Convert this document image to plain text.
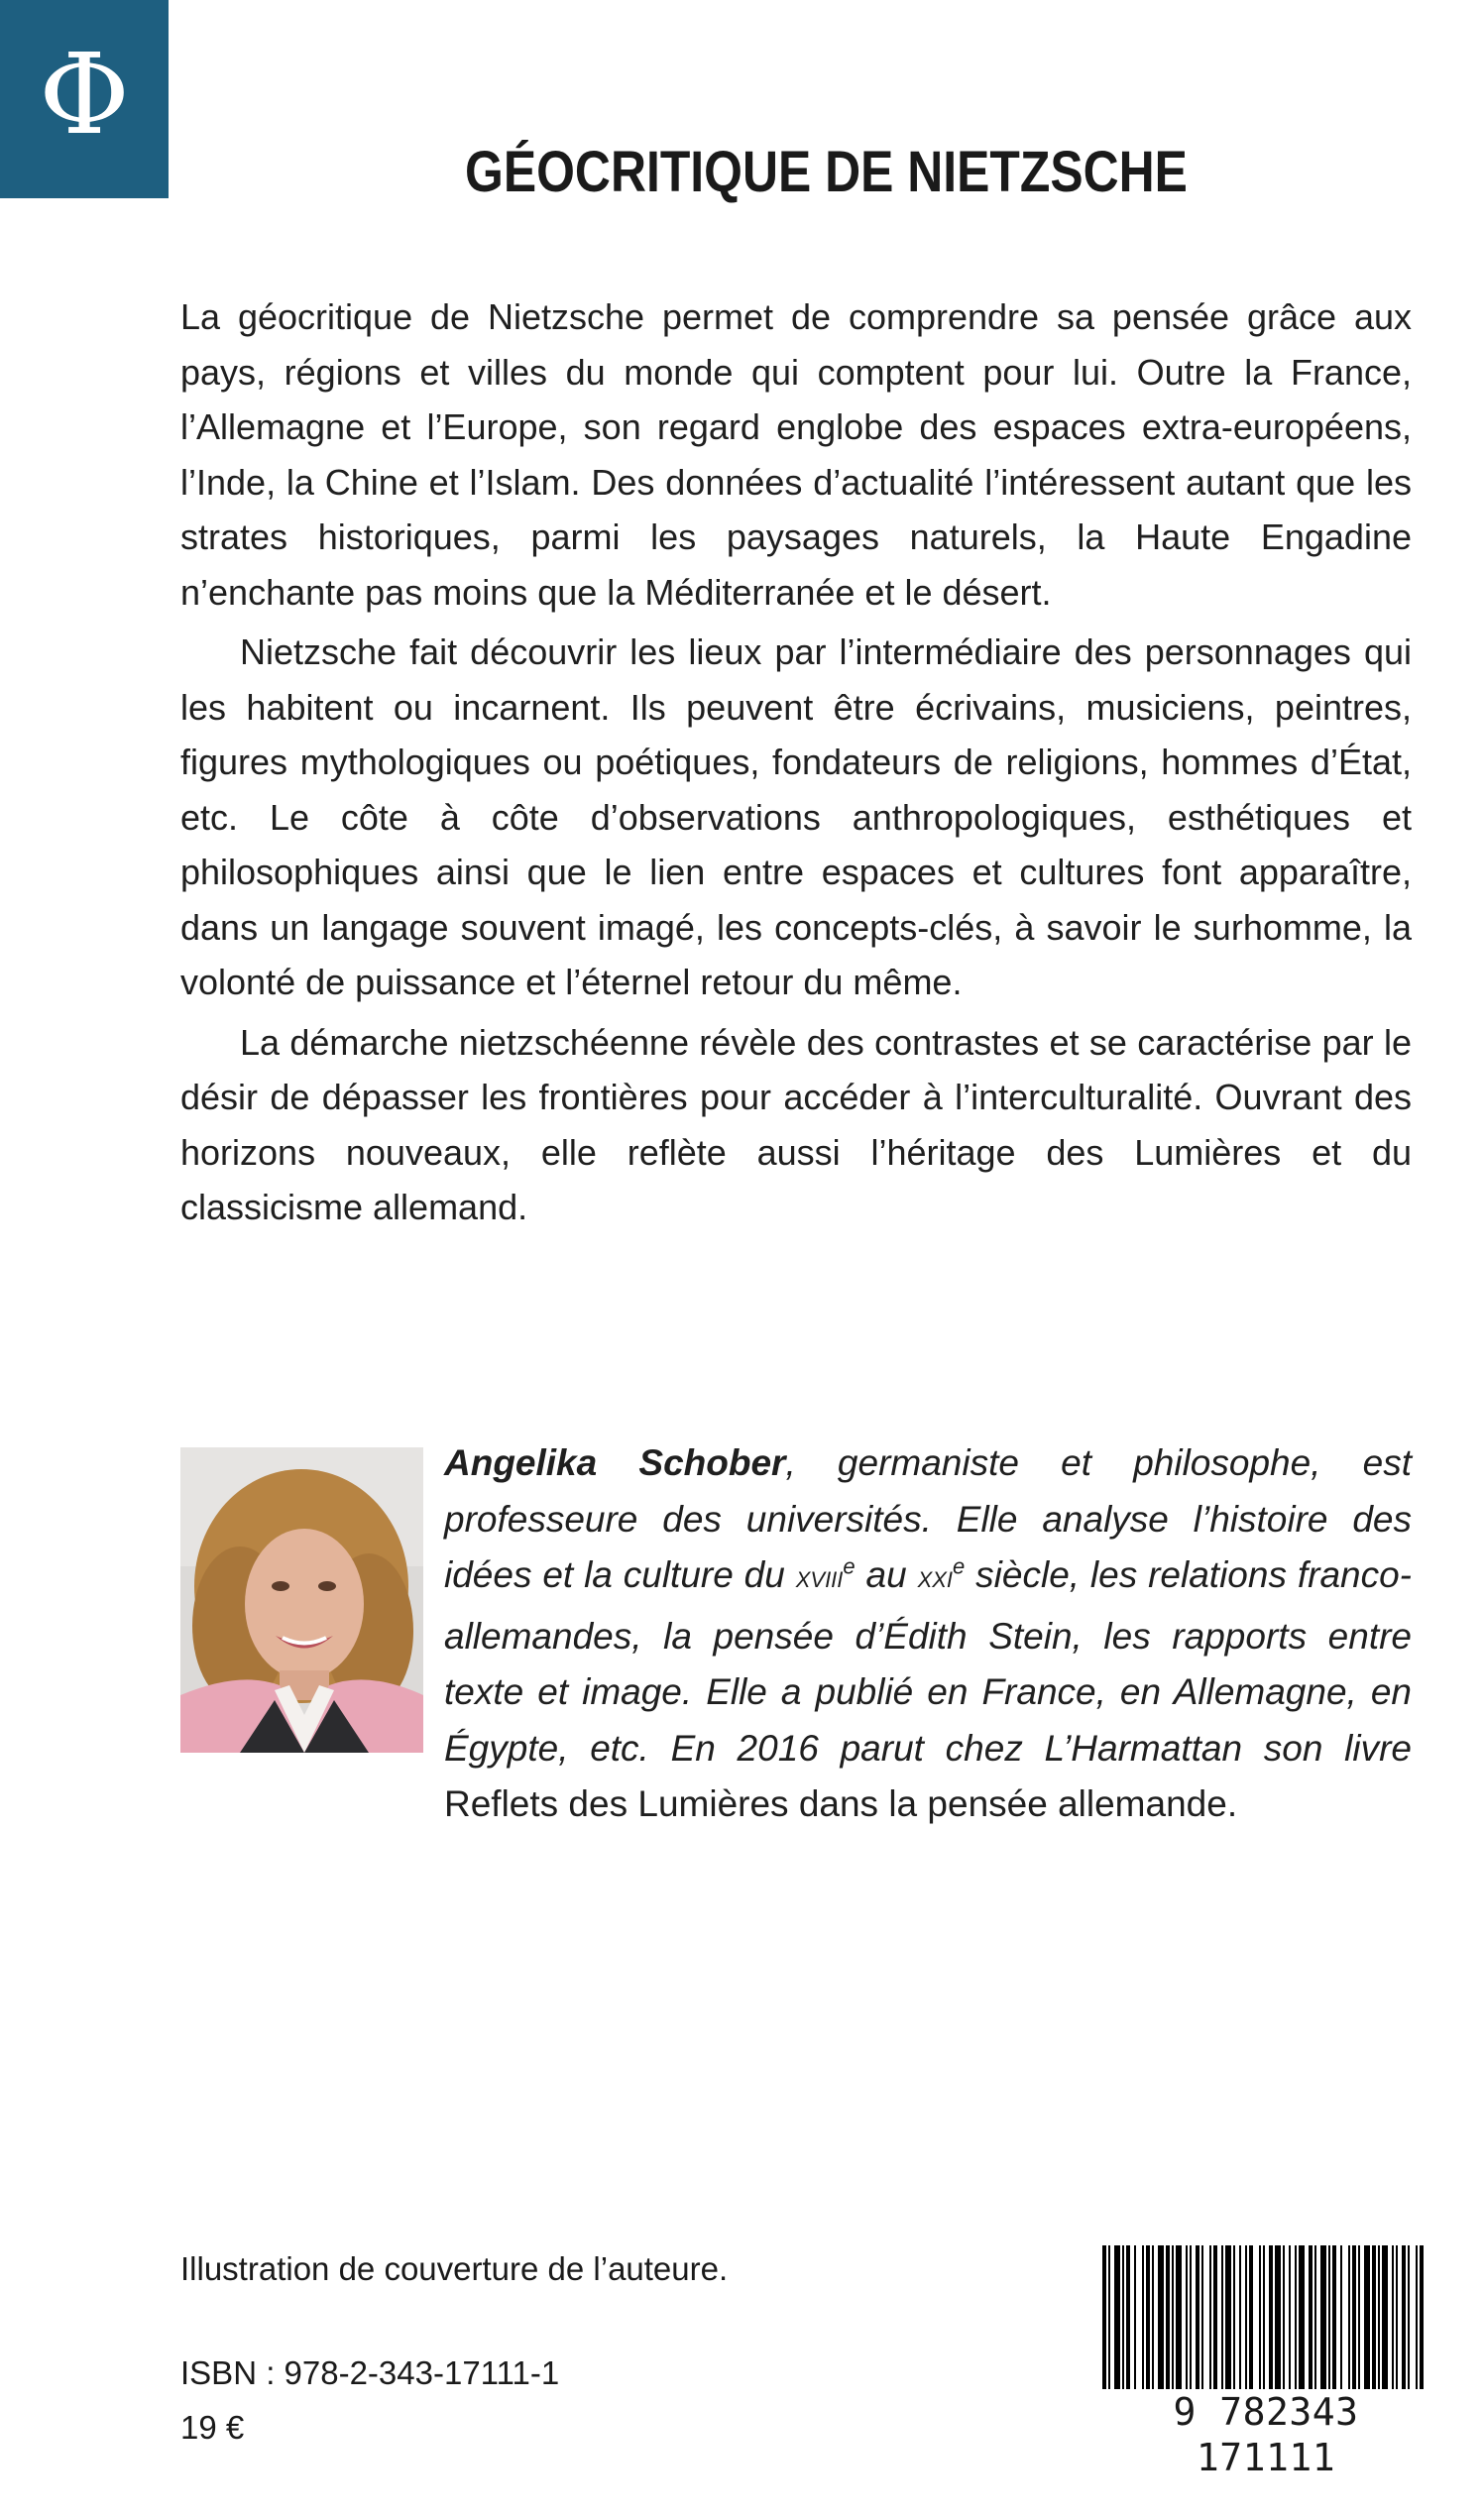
Φ
GÉOCRITIQUE DE NIETZSCHE

La géocritique de Nietzsche permet de comprendre sa pensée grâce aux pays, régions et villes du monde qui comptent pour lui. Outre la France, l’Allemagne et l’Europe, son regard englobe des espaces extra-européens, l’Inde, la Chine et l’Islam. Des données d’actualité l’intéressent autant que les strates historiques, parmi les paysages naturels, la Haute Engadine n’enchante pas moins que la Méditerranée et le désert.

Nietzsche fait découvrir les lieux par l’intermédiaire des personnages qui les habitent ou incarnent. Ils peuvent être écrivains, musiciens, peintres, figures mythologiques ou poétiques, fondateurs de religions, hommes d’État, etc. Le côte à côte d’observations anthropologiques, esthétiques et philosophiques ainsi que le lien entre espaces et cultures font apparaître, dans un langage souvent imagé, les concepts-clés, à savoir le surhomme, la volonté de puissance et l’éternel retour du même.

La démarche nietzschéenne révèle des contrastes et se caractérise par le désir de dépasser les frontières pour accéder à l’interculturalité. Ouvrant des horizons nouveaux, elle reflète aussi l’héritage des Lumières et du classicisme allemand.

Angelika Schober, germaniste et philosophe, est professeure des universités. Elle analyse l’histoire des idées et la culture du XVIIIe au XXIe siècle, les relations franco-allemandes, la pensée d’Édith Stein, les rapports entre texte et image. Elle a publié en France, en Allemagne, en Égypte, etc. En 2016 parut chez L’Harmattan son livre Reflets des Lumières dans la pensée allemande.
Illustration de couverture de l’auteure.
ISBN : 978-2-343-17111-1
19 €	9 782343 171111
